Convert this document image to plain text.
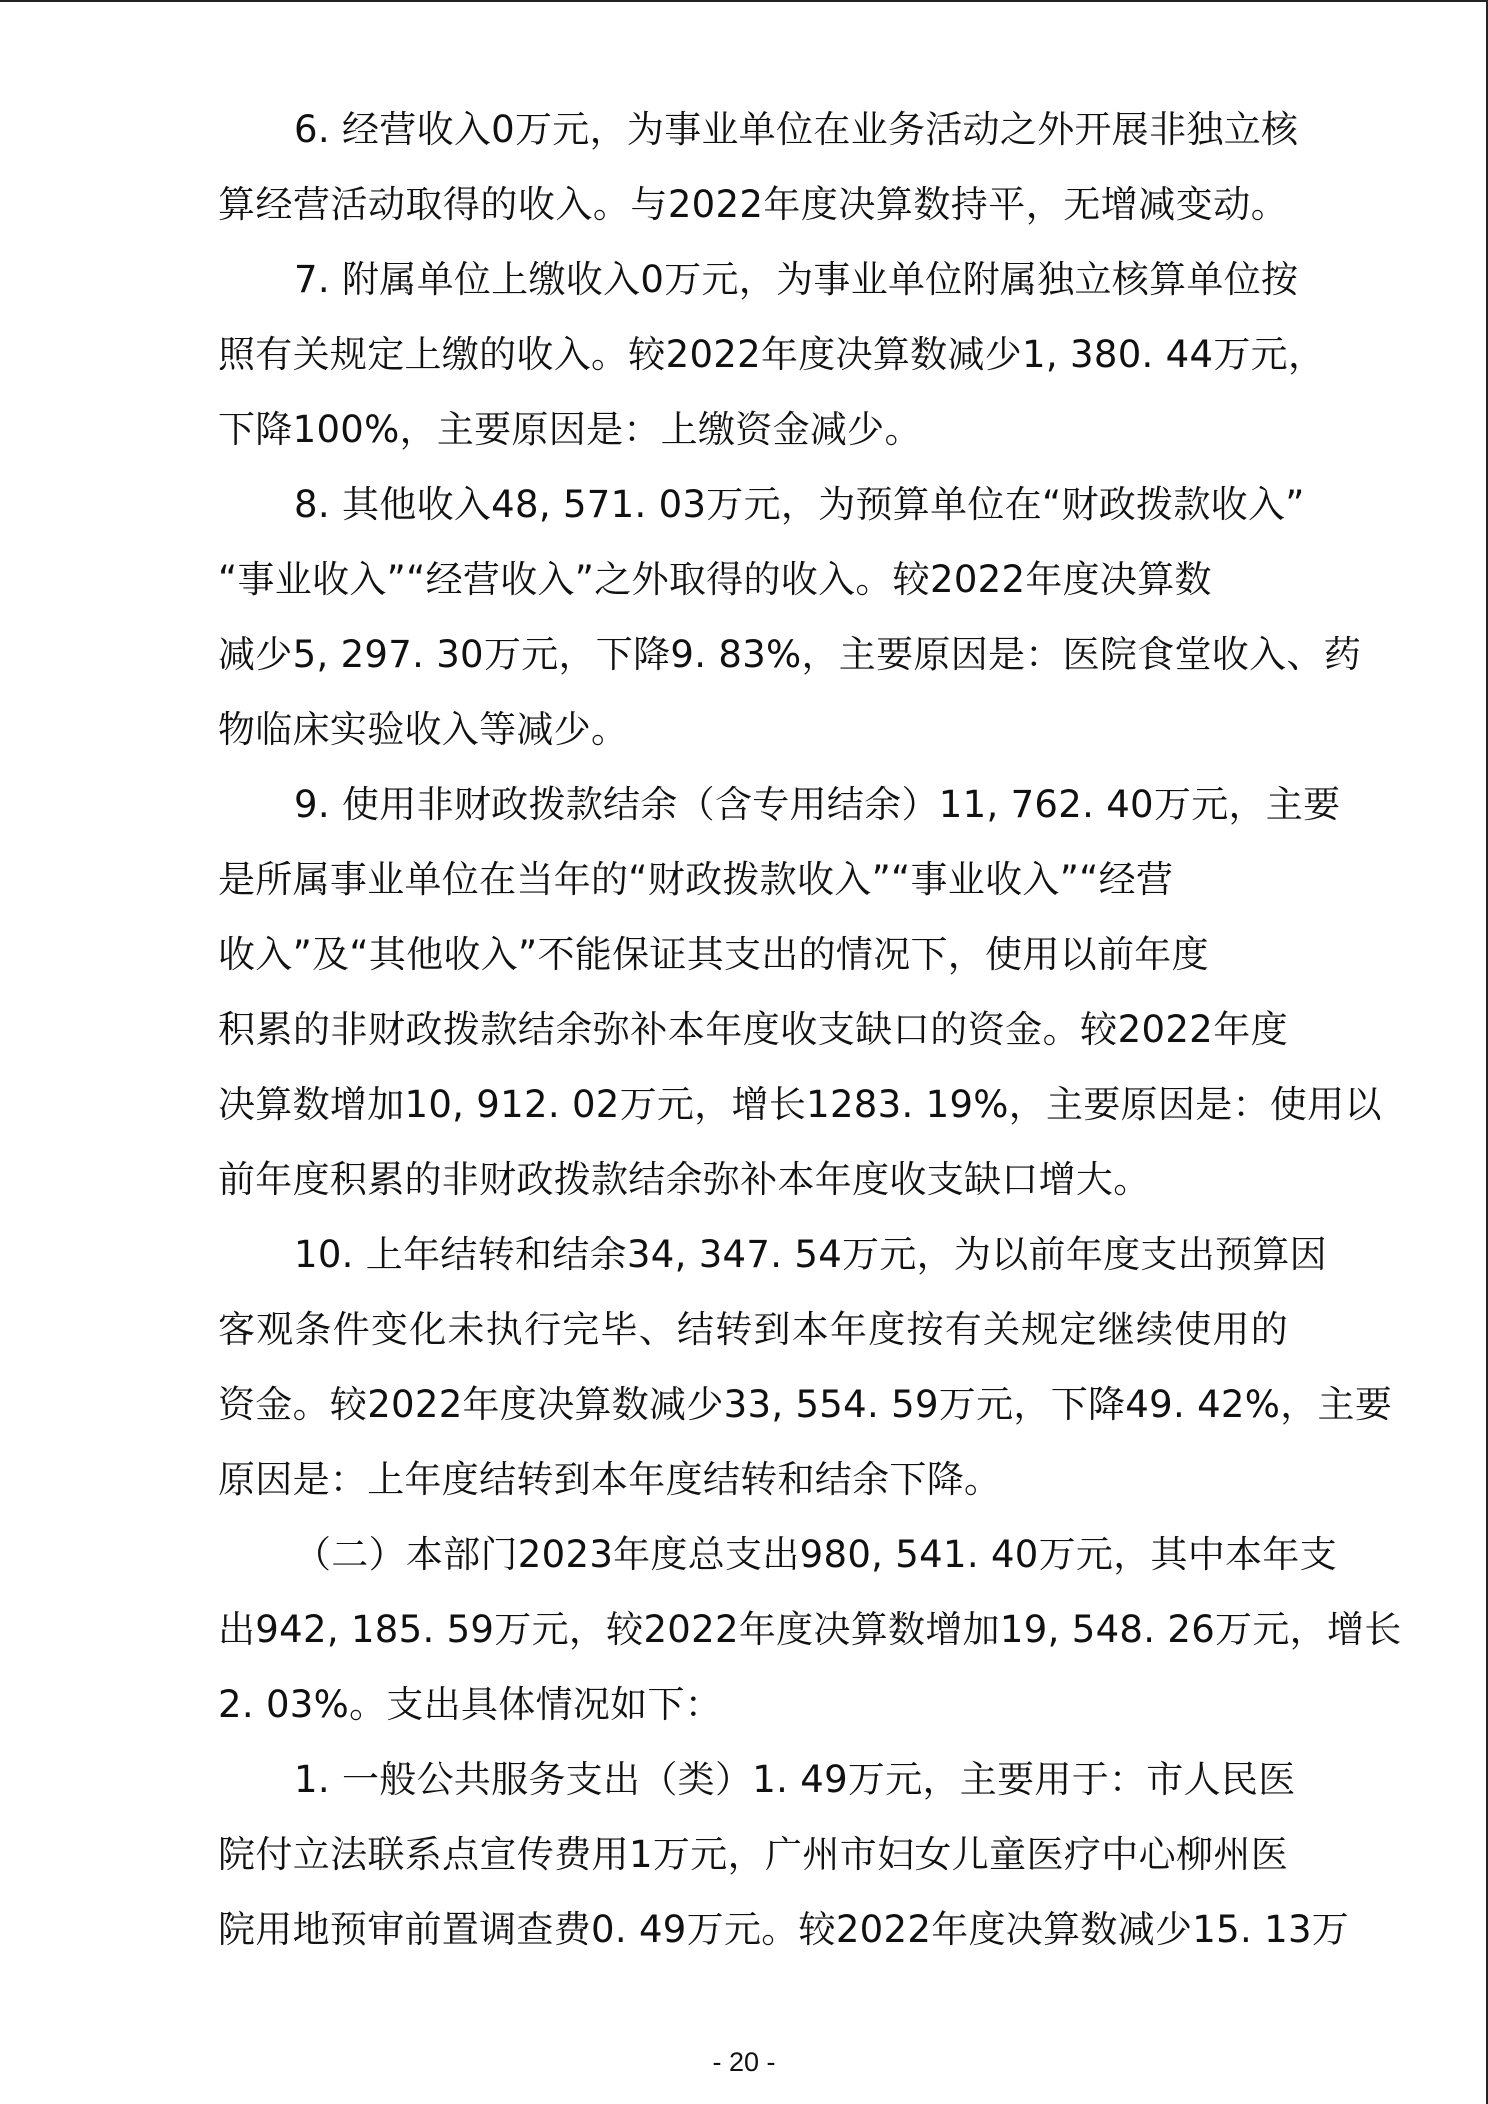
6. 经营收入0万元，为事业单位在业务活动之外开展非独立核
算经营活动取得的收入。与2022年度决算数持平，无增减变动。
7. 附属单位上缴收入0万元，为事业单位附属独立核算单位按
照有关规定上缴的收入。较2022年度决算数减少1, 380. 44万元，
下降100%，主要原因是：上缴资金减少。
8. 其他收入48, 571. 03万元，为预算单位在“财政拨款收入”
“事业收入”“经营收入”之外取得的收入。较2022年度决算数
减少5, 297. 30万元，下降9. 83%，主要原因是：医院食堂收入、药
物临床实验收入等减少。
9. 使用非财政拨款结余（含专用结余）11, 762. 40万元，主要
是所属事业单位在当年的“财政拨款收入”“事业收入”“经营
收入”及“其他收入”不能保证其支出的情况下，使用以前年度
积累的非财政拨款结余弥补本年度收支缺口的资金。较2022年度
决算数增加10, 912. 02万元，增长1283. 19%，主要原因是：使用以
前年度积累的非财政拨款结余弥补本年度收支缺口增大。
10. 上年结转和结余34, 347. 54万元，为以前年度支出预算因
客观条件变化未执行完毕、结转到本年度按有关规定继续使用的
资金。较2022年度决算数减少33, 554. 59万元，下降49. 42%，主要
原因是：上年度结转到本年度结转和结余下降。
（二）本部门2023年度总支出980, 541. 40万元，其中本年支
出942, 185. 59万元，较2022年度决算数增加19, 548. 26万元，增长
2. 03%。支出具体情况如下：
1. 一般公共服务支出（类）1. 49万元，主要用于：市人民医
院付立法联系点宣传费用1万元，广州市妇女儿童医疗中心柳州医
院用地预审前置调查费0. 49万元。较2022年度决算数减少15. 13万
- 20 -
